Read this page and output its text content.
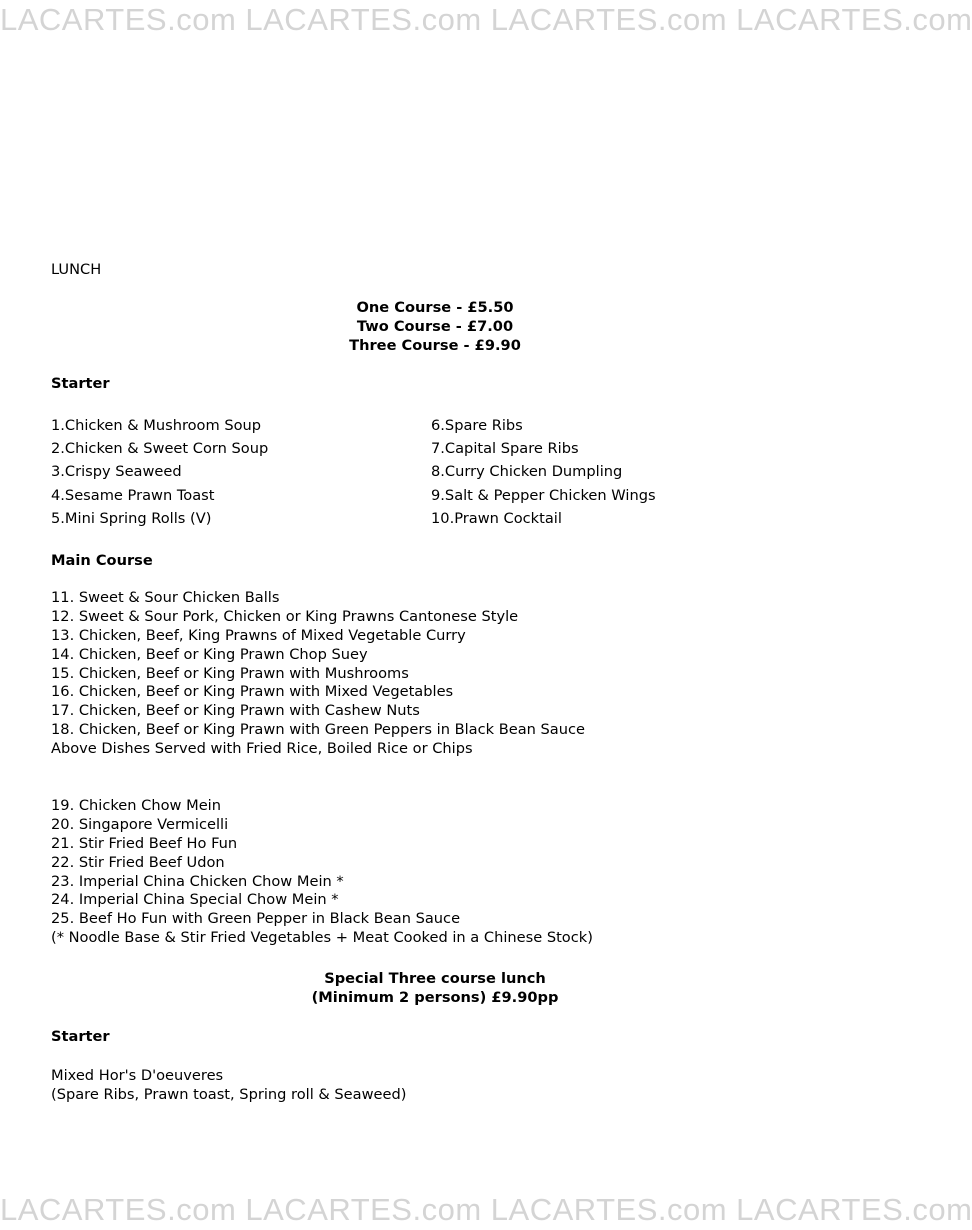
LACARTES.com LACARTES.com LACARTES.com LACARTES.com
LUNCH
One Course - £5.50
Two Course - £7.00
Three Course - £9.90
Starter
1.Chicken & Mushroom Soup
2.Chicken & Sweet Corn Soup
3.Crispy Seaweed
4.Sesame Prawn Toast
5.Mini Spring Rolls (V)
6.Spare Ribs
7.Capital Spare Ribs
8.Curry Chicken Dumpling
9.Salt & Pepper Chicken Wings
10.Prawn Cocktail
Main Course
11. Sweet & Sour Chicken Balls
12. Sweet & Sour Pork, Chicken or King Prawns Cantonese Style
13. Chicken, Beef, King Prawns of Mixed Vegetable Curry
14. Chicken, Beef or King Prawn Chop Suey
15. Chicken, Beef or King Prawn with Mushrooms
16. Chicken, Beef or King Prawn with Mixed Vegetables
17. Chicken, Beef or King Prawn with Cashew Nuts
18. Chicken, Beef or King Prawn with Green Peppers in Black Bean Sauce
Above Dishes Served with Fried Rice, Boiled Rice or Chips
19. Chicken Chow Mein
20. Singapore Vermicelli
21. Stir Fried Beef Ho Fun
22. Stir Fried Beef Udon
23. Imperial China Chicken Chow Mein *
24. Imperial China Special Chow Mein *
25. Beef Ho Fun with Green Pepper in Black Bean Sauce
(* Noodle Base & Stir Fried Vegetables + Meat Cooked in a Chinese Stock)
Special Three course lunch
(Minimum 2 persons) £9.90pp
Starter
Mixed Hor's D'oeuveres
(Spare Ribs, Prawn toast, Spring roll & Seaweed)
LACARTES.com LACARTES.com LACARTES.com LACARTES.com
